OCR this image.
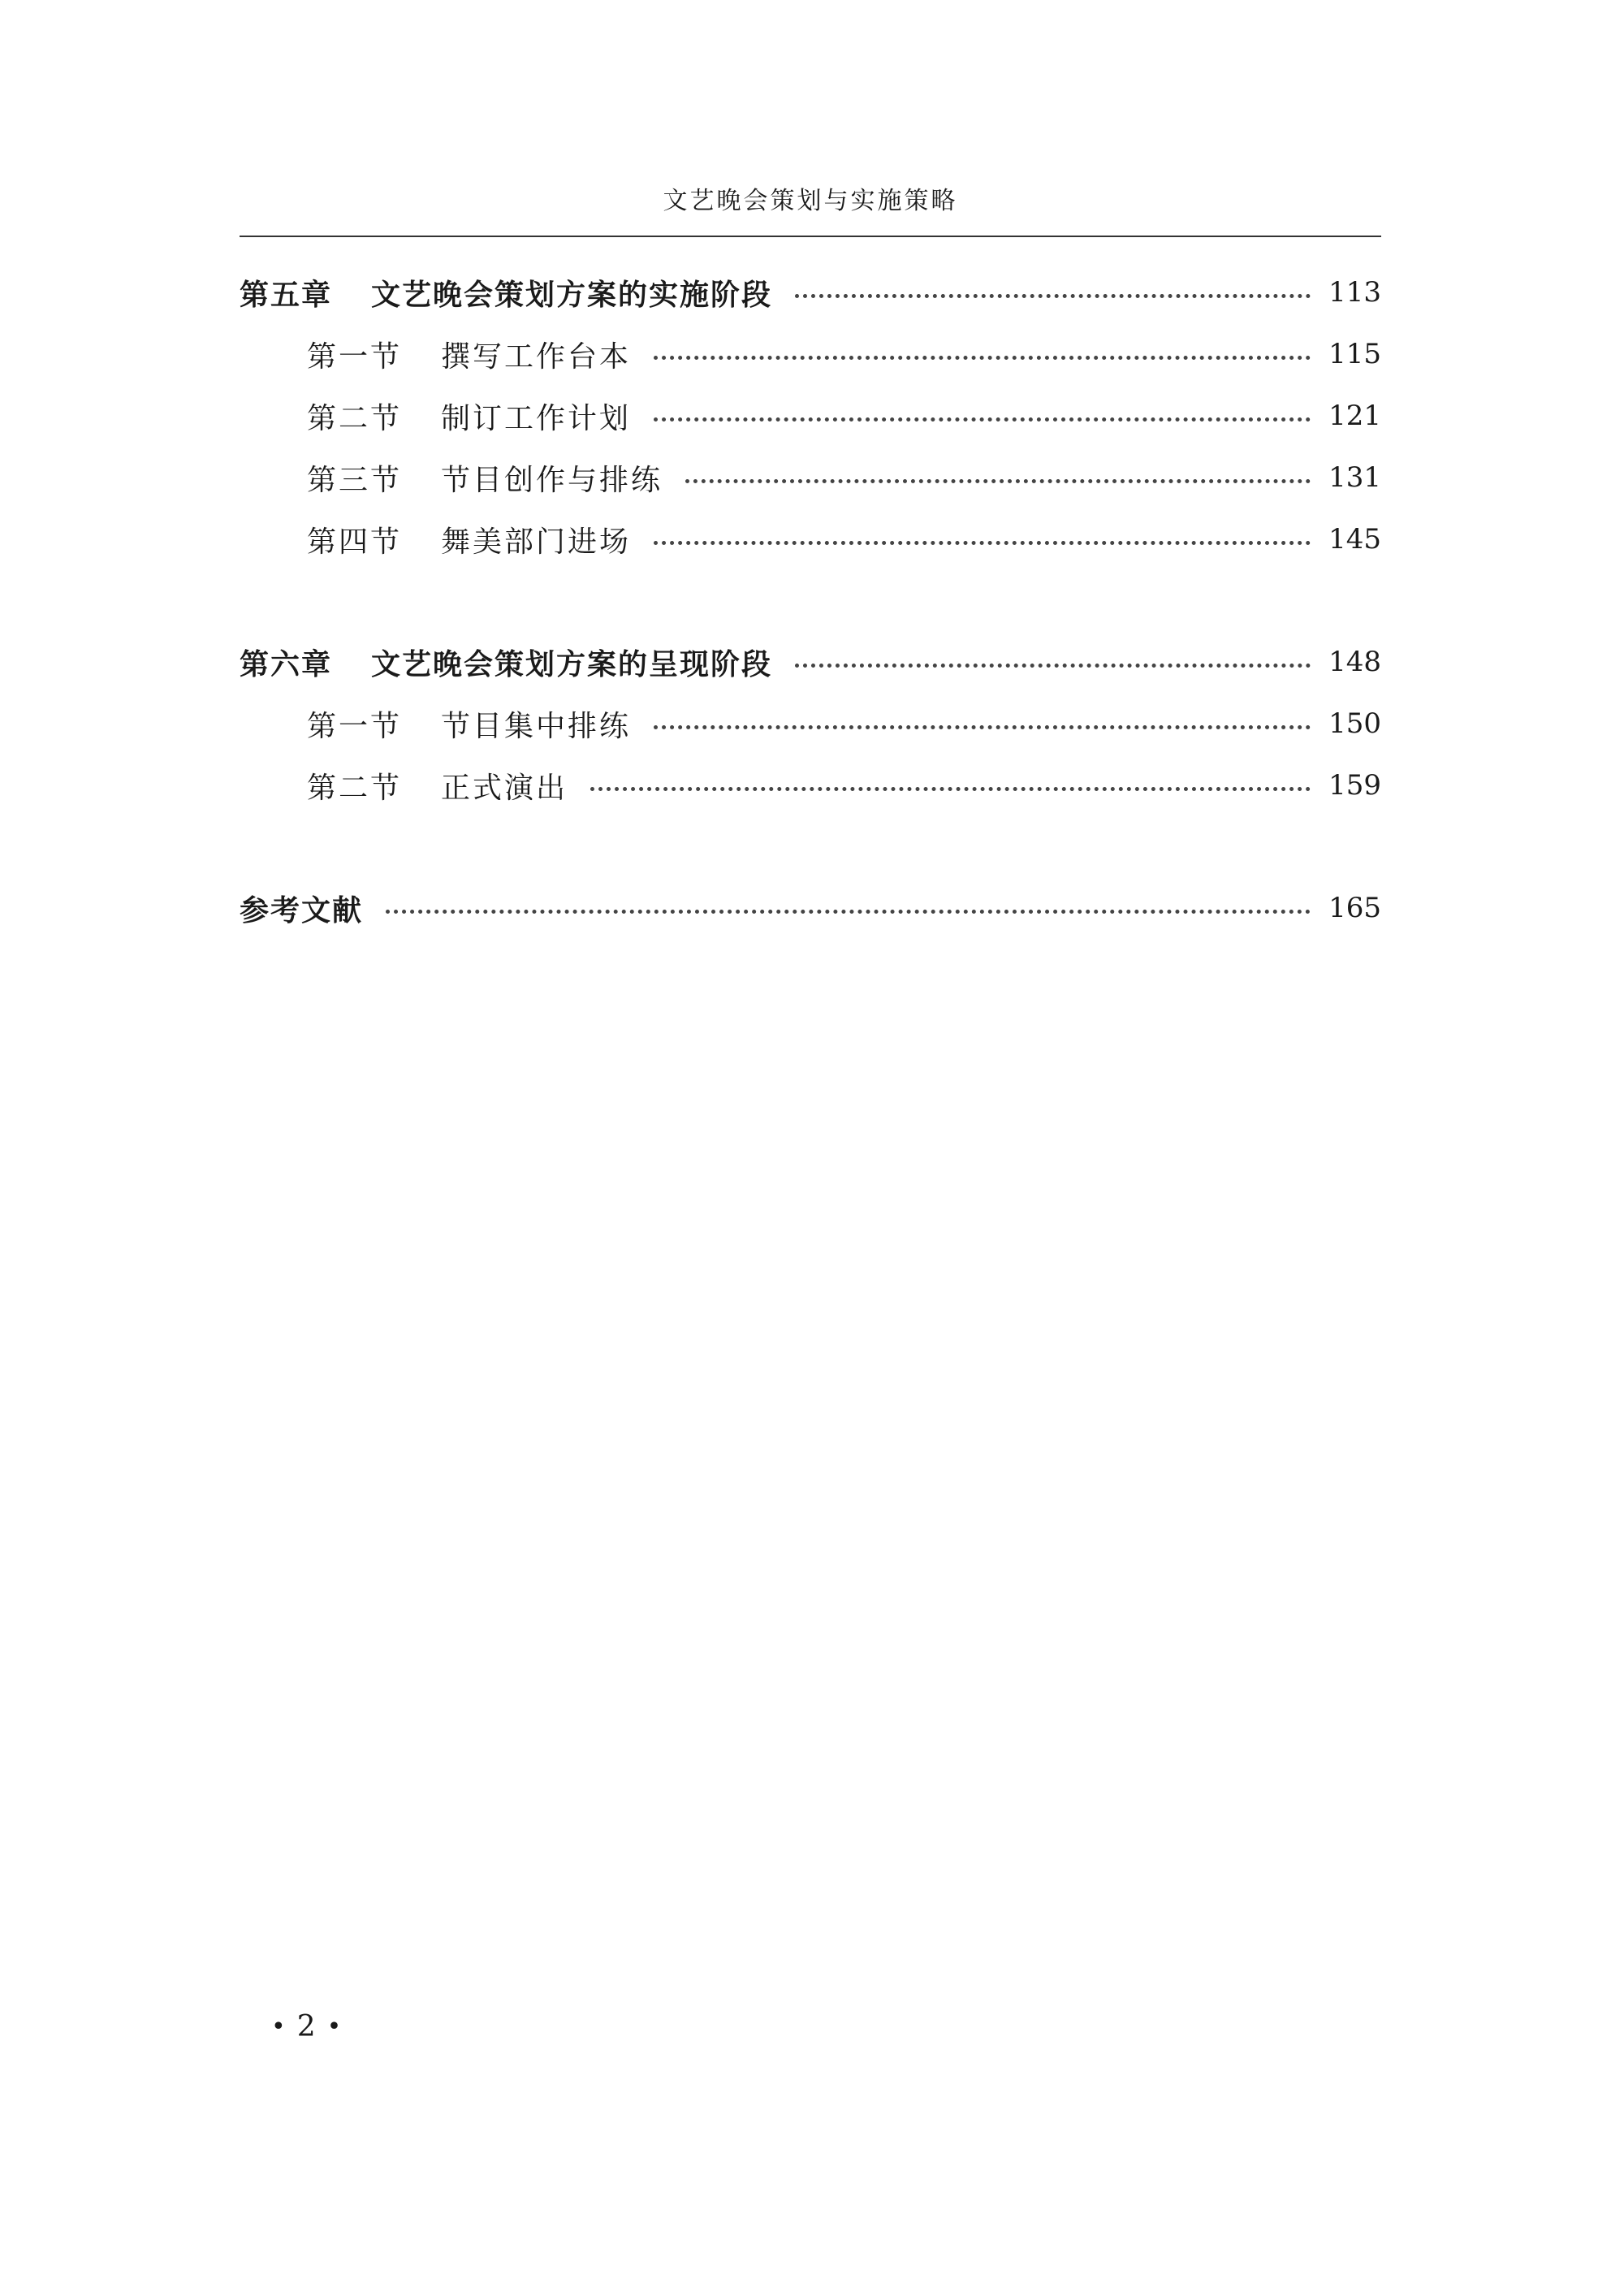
文艺晚会策划与实施策略
第五章 文艺晚会策划方案的实施阶段	113
第一节 撰写工作台本	115
第二节 制订工作计划	121
第三节 节目创作与排练	131
第四节 舞美部门进场	145
第六章 文艺晚会策划方案的呈现阶段	148
第一节 节目集中排练	150
第二节 正式演出	159
参考文献	165
• 2 •
